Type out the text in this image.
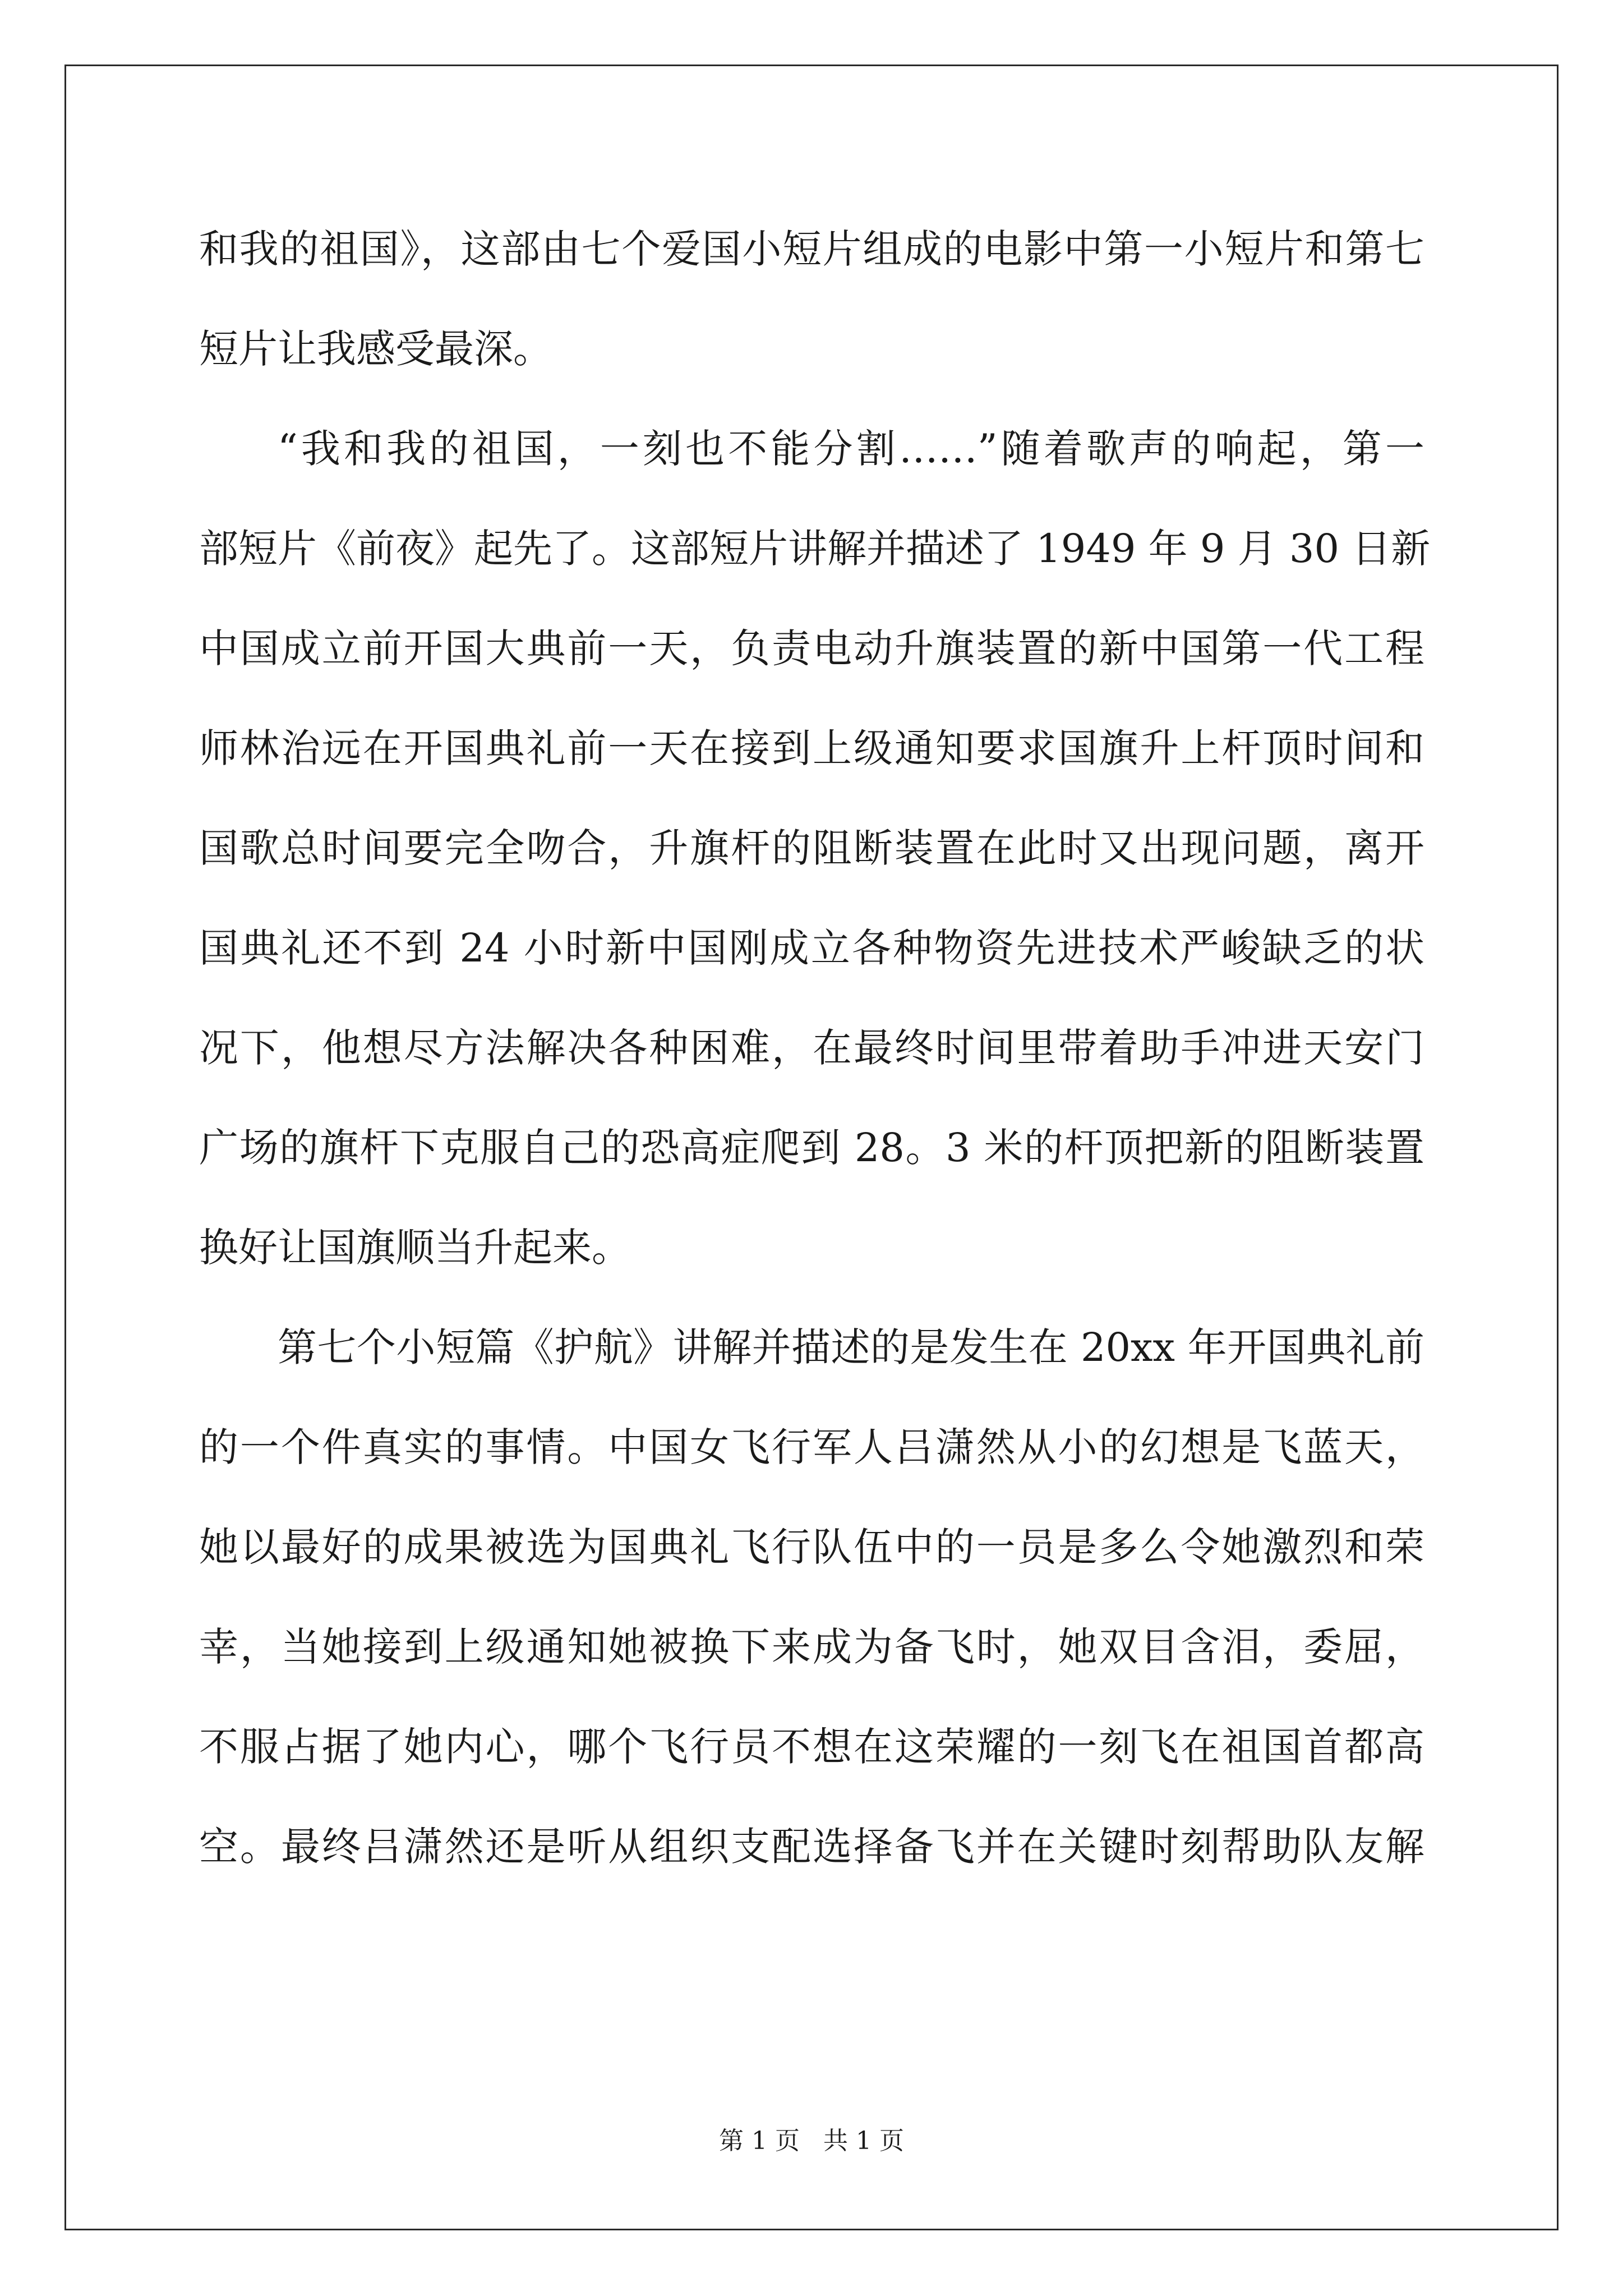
和我的祖国》，这部由七个爱国小短片组成的电影中第一小短片和第七
短片让我感受最深。
“我和我的祖国，一刻也不能分割……”随着歌声的响起，第一
部短片《前夜》起先了。这部短片讲解并描述了 1949 年 9 月 30 日新
中国成立前开国大典前一天，负责电动升旗装置的新中国第一代工程
师林治远在开国典礼前一天在接到上级通知要求国旗升上杆顶时间和
国歌总时间要完全吻合，升旗杆的阻断装置在此时又出现问题，离开
国典礼还不到 24 小时新中国刚成立各种物资先进技术严峻缺乏的状
况下，他想尽方法解决各种困难，在最终时间里带着助手冲进天安门
广场的旗杆下克服自己的恐高症爬到 28。3 米的杆顶把新的阻断装置
换好让国旗顺当升起来。
第七个小短篇《护航》讲解并描述的是发生在 20xx 年开国典礼前
的一个件真实的事情。中国女飞行军人吕潇然从小的幻想是飞蓝天，
她以最好的成果被选为国典礼飞行队伍中的一员是多么令她激烈和荣
幸，当她接到上级通知她被换下来成为备飞时，她双目含泪，委屈，
不服占据了她内心，哪个飞行员不想在这荣耀的一刻飞在祖国首都高
空。最终吕潇然还是听从组织支配选择备飞并在关键时刻帮助队友解

第 1 页 共 1 页
